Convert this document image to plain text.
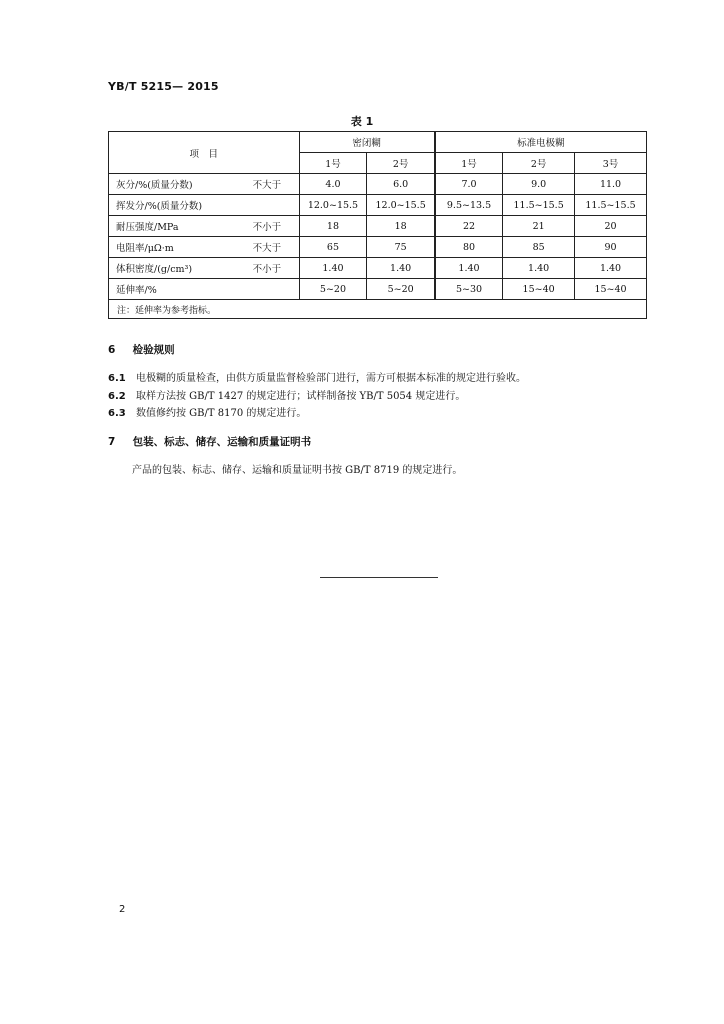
YB/T 5215— 2015
表 1
项　目		密闭糊		标准电极糊		
		1号	2号	1号	2号	3号
灰分/%(质量分数)	不大于	4.0	6.0	7.0	9.0	11.0
挥发分/%(质量分数)		12.0~15.5	12.0~15.5	9.5~13.5	11.5~15.5	11.5~15.5
耐压强度/MPa	不小于	18	18	22	21	20
电阻率/μΩ·m	不大于	65	75	80	85	90
体积密度/(g/cm³)	不小于	1.40	1.40	1.40	1.40	1.40
延伸率/%		5~20	5~20	5~30	15~40	15~40
注：延伸率为参考指标。						
6 检验规则
6.1 电极糊的质量检查，由供方质量监督检验部门进行，需方可根据本标准的规定进行验收。
6.2 取样方法按 GB/T 1427 的规定进行；试样制备按 YB/T 5054 规定进行。
6.3 数值修约按 GB/T 8170 的规定进行。
7 包装、标志、储存、运输和质量证明书
产品的包装、标志、储存、运输和质量证明书按 GB/T 8719 的规定进行。
2
